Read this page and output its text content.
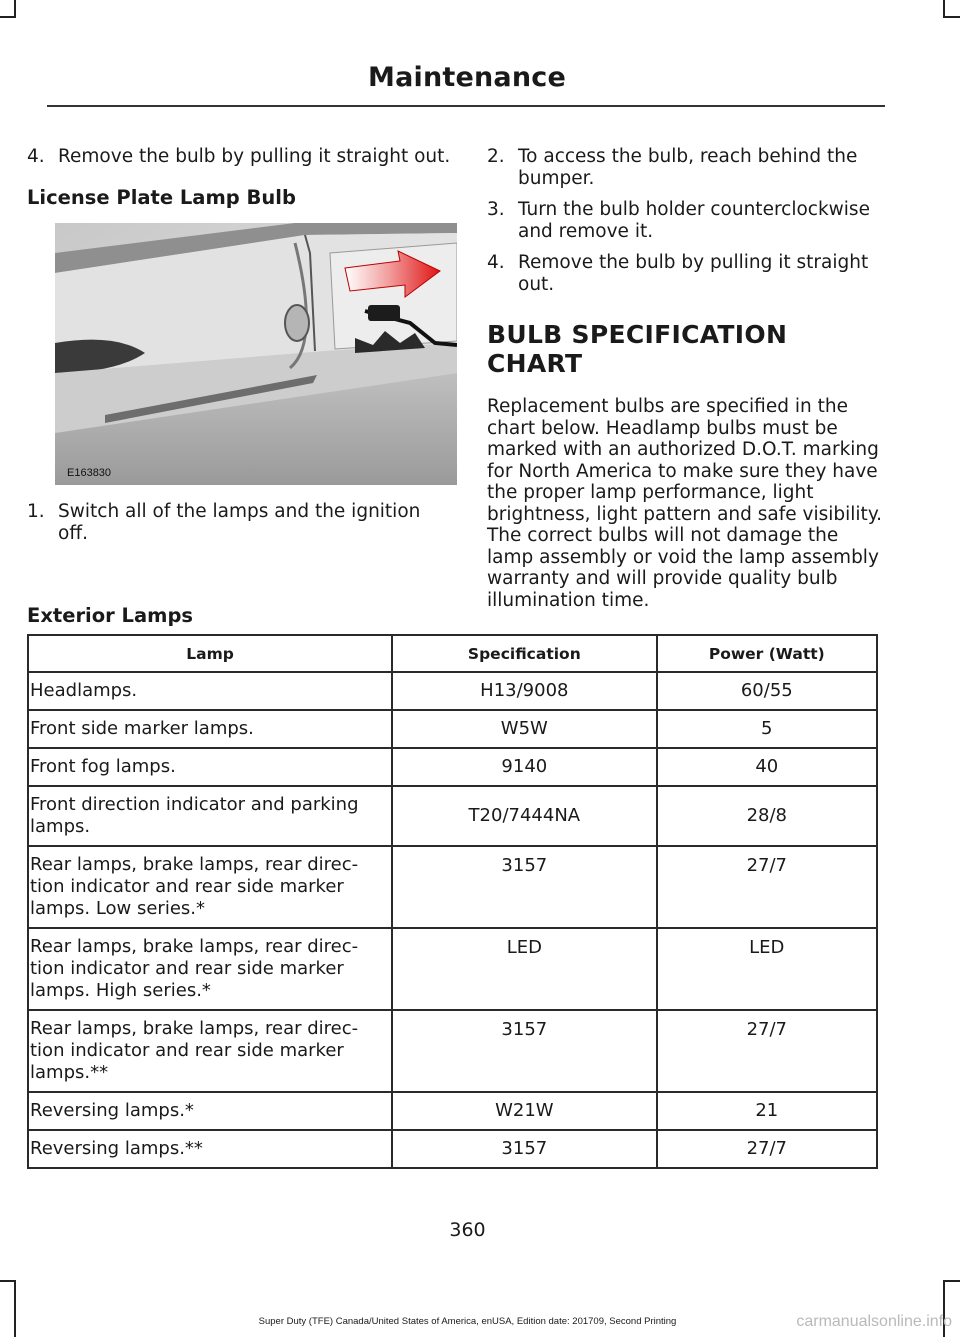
Maintenance
4. Remove the bulb by pulling it straight out.
License Plate Lamp Bulb
E163830
1. Switch all of the lamps and the ignition off.
2. To access the bulb, reach behind the bumper.
3. Turn the bulb holder counterclockwise and remove it.
4. Remove the bulb by pulling it straight out.
BULB SPECIFICATION CHART

Replacement bulbs are specified in the chart below. Headlamp bulbs must be marked with an authorized D.O.T. marking for North America to make sure they have the proper lamp performance, light brightness, light pattern and safe visibility. The correct bulbs will not damage the lamp assembly or void the lamp assembly warranty and will provide quality bulb illumination time.

Exterior Lamps
Lamp	Specification	Power (Watt)

Headlamps.	H13/9008	60/55

Front side marker lamps.	W5W	5

Front fog lamps.	9140	40

Front direction indicator and parking lamps.	T20/7444NA	28/8

Rear lamps, brake lamps, rear direc-tion indicator and rear side marker lamps. Low series.*	3157	27/7

Rear lamps, brake lamps, rear direc-tion indicator and rear side marker lamps. High series.*	LED	LED

Rear lamps, brake lamps, rear direc-tion indicator and rear side marker lamps.**	3157	27/7

Reversing lamps.*	W21W	21

Reversing lamps.**	3157	27/7
360
Super Duty (TFE) Canada/United States of America, enUSA, Edition date: 201709, Second Printing	carmanualsonline.info
